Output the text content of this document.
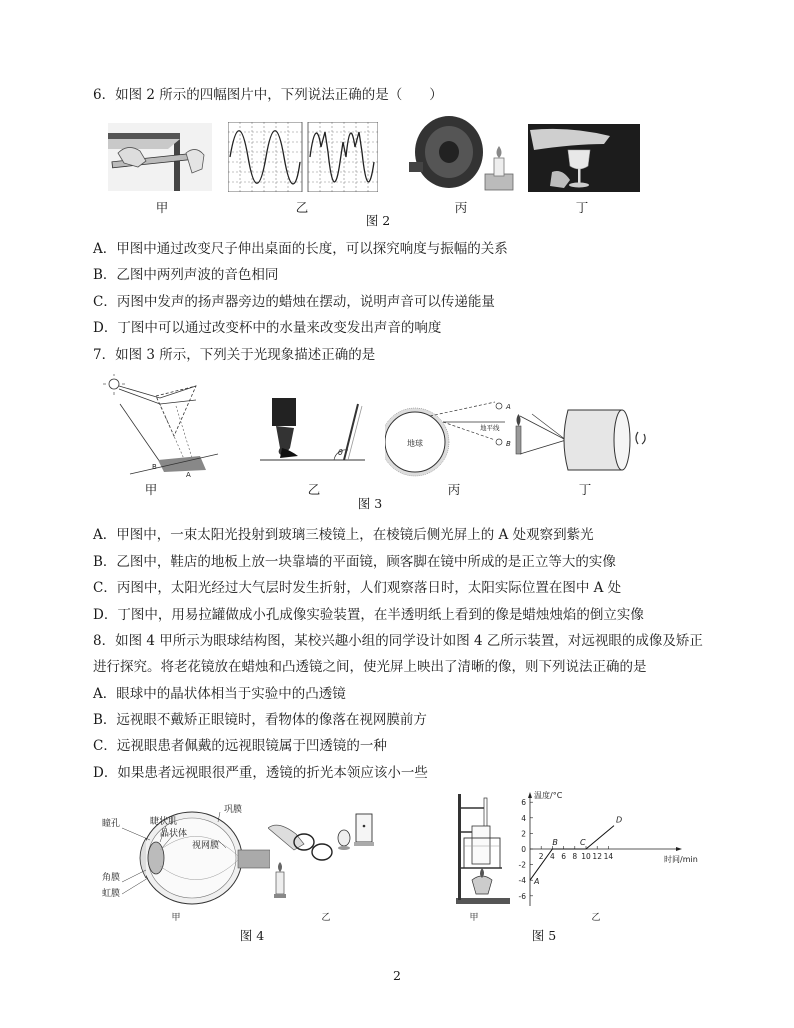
6．如图 2 所示的四幅图片中，下列说法正确的是（　　）
甲	乙	丙	丁
图 2
A．甲图中通过改变尺子伸出桌面的长度，可以探究响度与振幅的关系
B．乙图中两列声波的音色相同
C．丙图中发声的扬声器旁边的蜡烛在摆动，说明声音可以传递能量
D．丁图中可以通过改变杯中的水量来改变发出声音的响度
7．如图 3 所示，下列关于光现象描述正确的是
B
A
θ
地球
A
地平线
B
甲	乙	丙	丁
图 3
A．甲图中，一束太阳光投射到玻璃三棱镜上，在棱镜后侧光屏上的 A 处观察到紫光
B．乙图中，鞋店的地板上放一块靠墙的平面镜，顾客脚在镜中所成的是正立等大的实像
C．丙图中，太阳光经过大气层时发生折射，人们观察落日时，太阳实际位置在图中 A 处
D．丁图中，用易拉罐做成小孔成像实验装置，在半透明纸上看到的像是蜡烛烛焰的倒立实像
8．如图 4 甲所示为眼球结构图，某校兴趣小组的同学设计如图 4 乙所示装置，对远视眼的成像及矫正
进行探究。将老花镜放在蜡烛和凸透镜之间，使光屏上映出了清晰的像，则下列说法正确的是
A．眼球中的晶状体相当于实验中的凸透镜
B．远视眼不戴矫正眼镜时，看物体的像落在视网膜前方
C．远视眼患者佩戴的远视眼镜属于凹透镜的一种
D．如果患者远视眼很严重，透镜的折光本领应该小一些
瞳孔	睫状肌
晶状体
巩膜
视网膜
角膜
虹膜
甲	乙
图 4
温度/°C
时间/min
6
4
2
0
-2
-4
-6
2 4 6 8 10 12 14
A
B	C
D
甲	乙
图 5
2
